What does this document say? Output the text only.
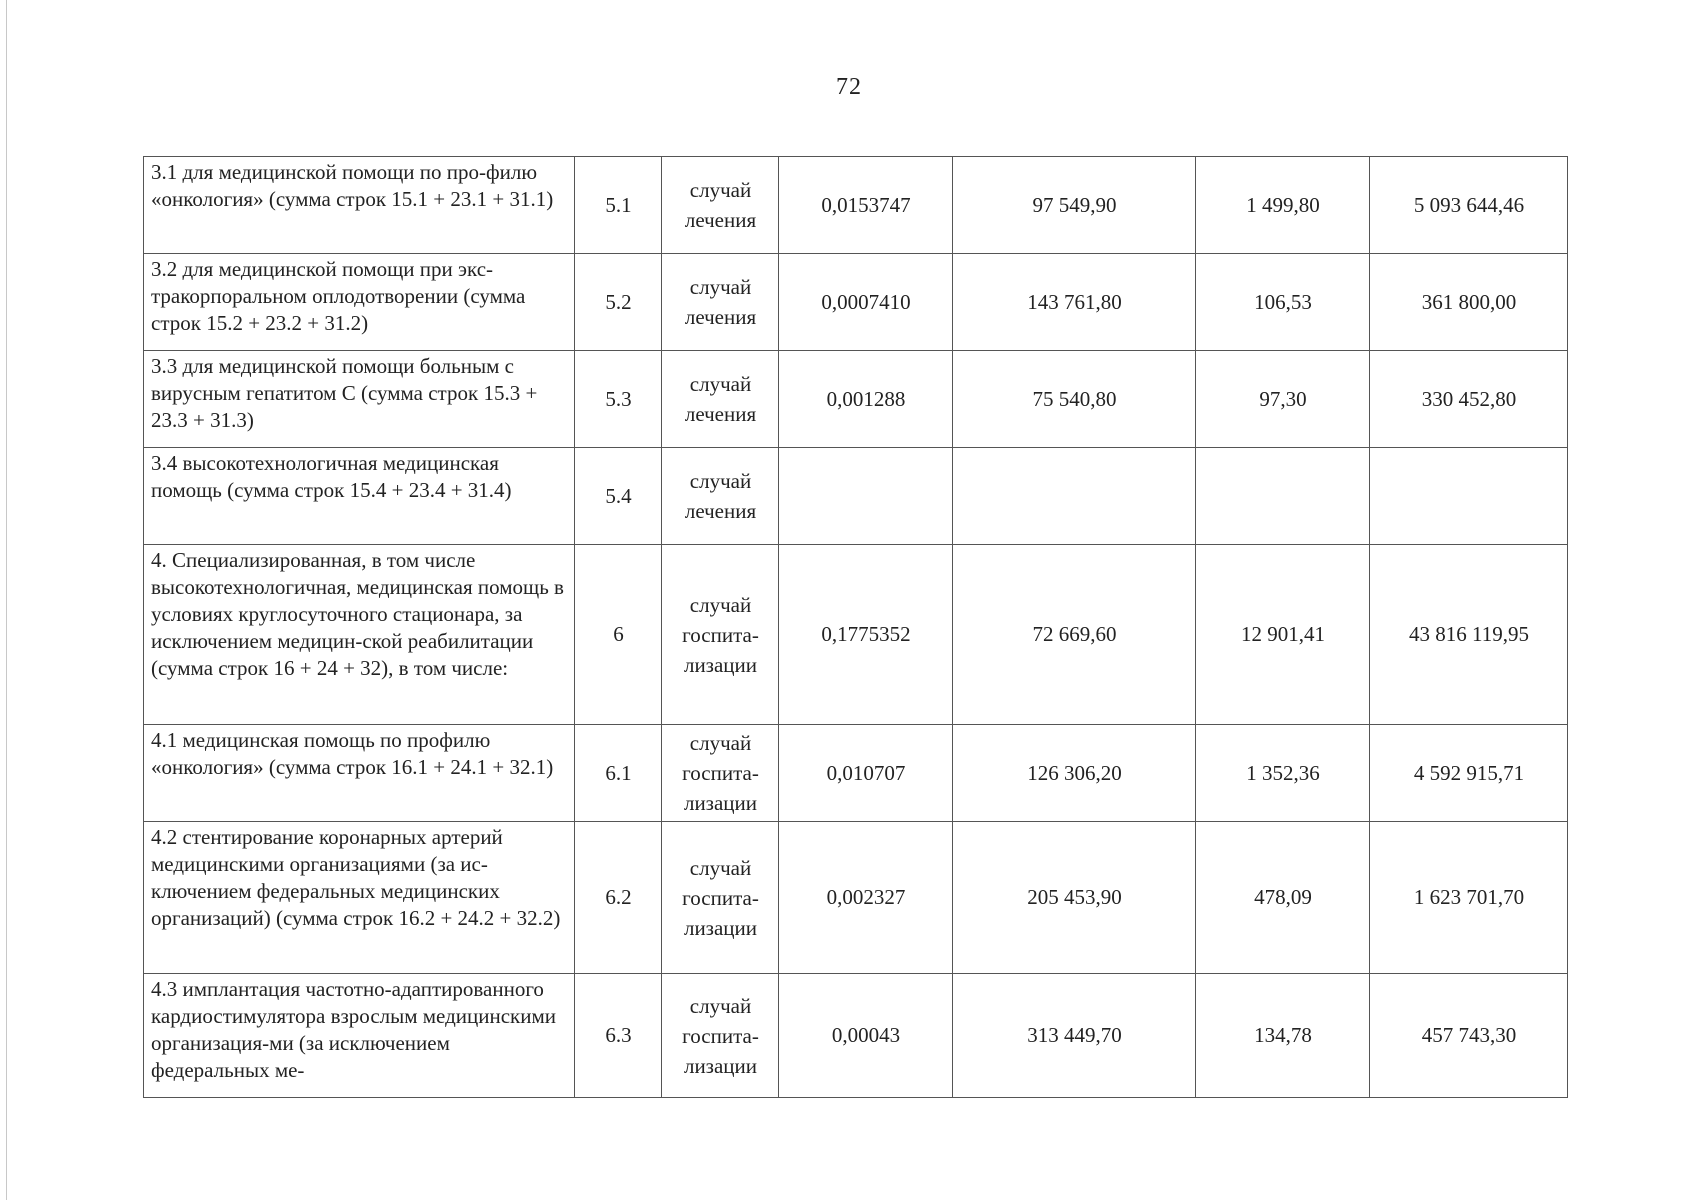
72
3.1 для медицинской помощи по про-филю «онкология» (сумма строк 15.1 + 23.1 + 31.1)	5.1	случай лечения	0,0153747	97 549,90	1 499,80	5 093 644,46
3.2 для медицинской помощи при экс-тракорпоральном оплодотворении (сумма строк 15.2 + 23.2 + 31.2)	5.2	случай лечения	0,0007410	143 761,80	106,53	361 800,00
3.3 для медицинской помощи больным с вирусным гепатитом С (сумма строк 15.3 + 23.3 + 31.3)	5.3	случай лечения	0,001288	75 540,80	97,30	330 452,80
3.4 высокотехнологичная медицинская помощь (сумма строк 15.4 + 23.4 + 31.4)	5.4	случай лечения				
4. Специализированная, в том числе высокотехнологичная, медицинская помощь в условиях круглосуточного стационара, за исключением медицин-ской реабилитации (сумма строк 16 + 24 + 32), в том числе:	6	случай госпита-лизации	0,1775352	72 669,60	12 901,41	43 816 119,95
4.1 медицинская помощь по профилю «онкология» (сумма строк 16.1 + 24.1 + 32.1)	6.1	случай госпита-лизации	0,010707	126 306,20	1 352,36	4 592 915,71
4.2 стентирование коронарных артерий медицинскими организациями (за ис-ключением федеральных медицинских организаций) (сумма строк 16.2 + 24.2 + 32.2)	6.2	случай госпита-лизации	0,002327	205 453,90	478,09	1 623 701,70
4.3 имплантация частотно-адаптированного кардиостимулятора взрослым медицинскими организация-ми (за исключением федеральных ме-	6.3	случай госпита-лизации	0,00043	313 449,70	134,78	457 743,30
